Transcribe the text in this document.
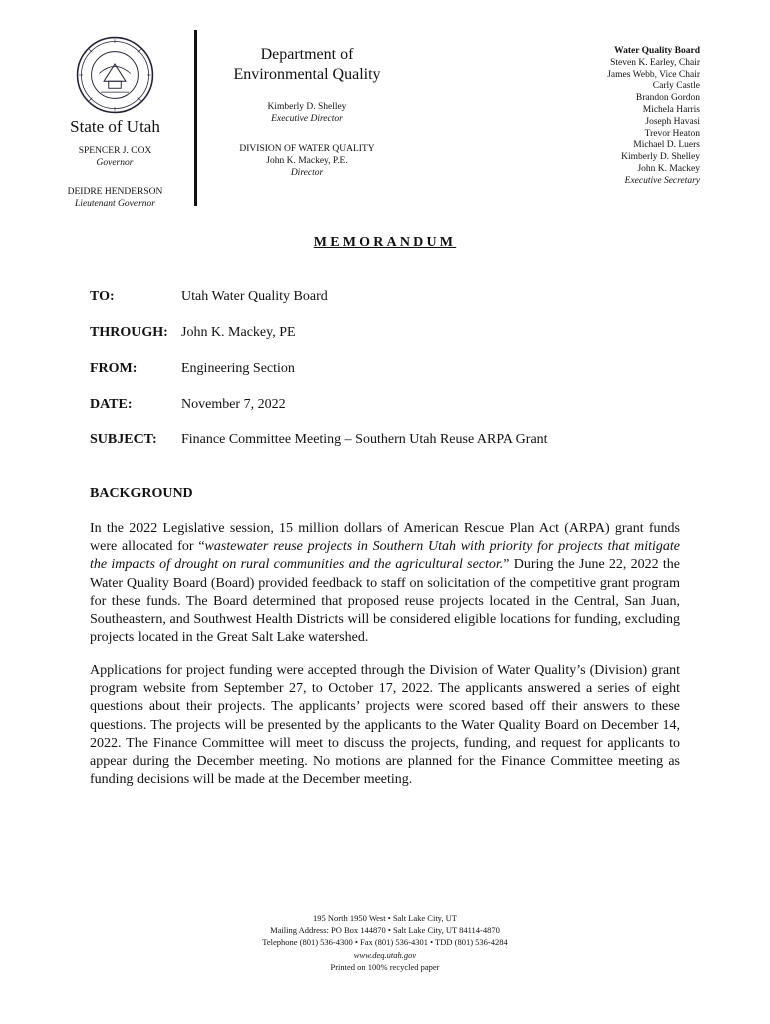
State of Utah
SPENCER J. COX
Governor
DEIDRE HENDERSON
Lieutenant Governor
Department of
Environmental Quality
Kimberly D. Shelley
Executive Director
DIVISION OF WATER QUALITY
John K. Mackey, P.E.
Director
Water Quality Board
Steven K. Earley, Chair
James Webb, Vice Chair
Carly Castle
Brandon Gordon
Michela Harris
Joseph Havasi
Trevor Heaton
Michael D. Luers
Kimberly D. Shelley
John K. Mackey
Executive Secretary
MEMORANDUM
TO:	Utah Water Quality Board
THROUGH: John K. Mackey, PE
FROM:	Engineering Section
DATE:	November 7, 2022
SUBJECT: Finance Committee Meeting – Southern Utah Reuse ARPA Grant
BACKGROUND
In the 2022 Legislative session, 15 million dollars of American Rescue Plan Act (ARPA) grant funds were allocated for “wastewater reuse projects in Southern Utah with priority for projects that mitigate the impacts of drought on rural communities and the agricultural sector.” During the June 22, 2022 the Water Quality Board (Board) provided feedback to staff on solicitation of the competitive grant program for these funds. The Board determined that proposed reuse projects located in the Central, San Juan, Southeastern, and Southwest Health Districts will be considered eligible locations for funding, excluding projects located in the Great Salt Lake watershed.
Applications for project funding were accepted through the Division of Water Quality’s (Division) grant program website from September 27, to October 17, 2022. The applicants answered a series of eight questions about their projects. The applicants’ projects were scored based off their answers to these questions. The projects will be presented by the applicants to the Water Quality Board on December 14, 2022. The Finance Committee will meet to discuss the projects, funding, and request for applicants to appear during the December meeting. No motions are planned for the Finance Committee meeting as funding decisions will be made at the December meeting.
195 North 1950 West • Salt Lake City, UT
Mailing Address: PO Box 144870 • Salt Lake City, UT 84114-4870
Telephone (801) 536-4300 • Fax (801) 536-4301 • TDD (801) 536-4284
www.deq.utah.gov
Printed on 100% recycled paper
